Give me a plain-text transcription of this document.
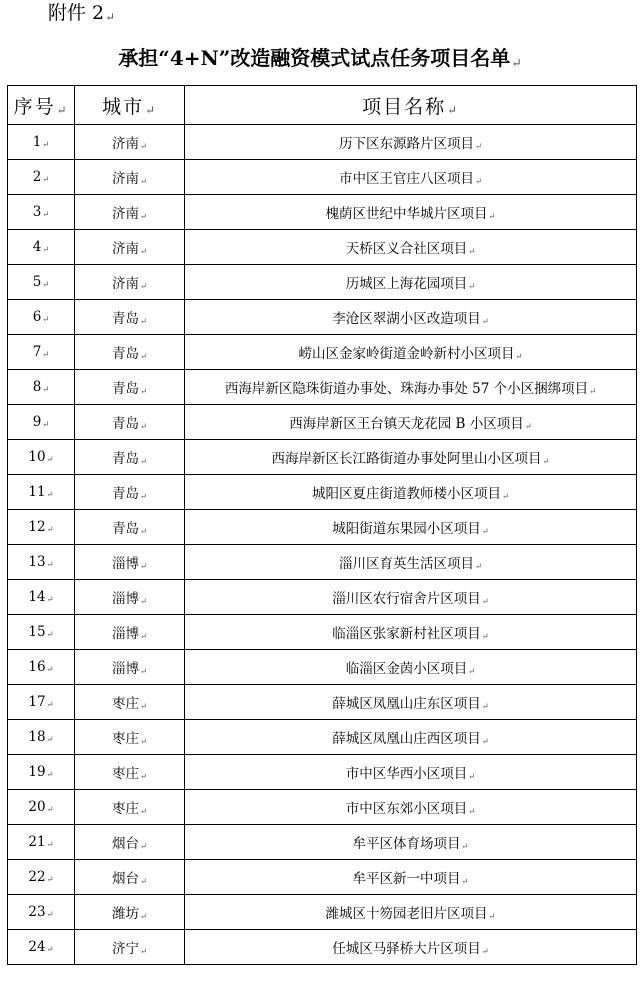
附件 2↵
承担“4+N”改造融资模式试点任务项目名单↵
序号↵	城市↵	项目名称↵
1↵	济南↵	历下区东源路片区项目↵
2↵	济南↵	市中区王官庄八区项目↵
3↵	济南↵	槐荫区世纪中华城片区项目↵
4↵	济南↵	天桥区义合社区项目↵
5↵	济南↵	历城区上海花园项目↵
6↵	青岛↵	李沧区翠湖小区改造项目↵
7↵	青岛↵	崂山区金家岭街道金岭新村小区项目↵
8↵	青岛↵	西海岸新区隐珠街道办事处、珠海办事处 57 个小区捆绑项目↵
9↵	青岛↵	西海岸新区王台镇天龙花园 B 小区项目↵
10↵	青岛↵	西海岸新区长江路街道办事处阿里山小区项目↵
11↵	青岛↵	城阳区夏庄街道教师楼小区项目↵
12↵	青岛↵	城阳街道东果园小区项目↵
13↵	淄博↵	淄川区育英生活区项目↵
14↵	淄博↵	淄川区农行宿舍片区项目↵
15↵	淄博↵	临淄区张家新村社区项目↵
16↵	淄博↵	临淄区金茵小区项目↵
17↵	枣庄↵	薛城区凤凰山庄东区项目↵
18↵	枣庄↵	薛城区凤凰山庄西区项目↵
19↵	枣庄↵	市中区华西小区项目↵
20↵	枣庄↵	市中区东郊小区项目↵
21↵	烟台↵	牟平区体育场项目↵
22↵	烟台↵	牟平区新一中项目↵
23↵	潍坊↵	潍城区十笏园老旧片区项目↵
24↵	济宁↵	任城区马驿桥大片区项目↵
